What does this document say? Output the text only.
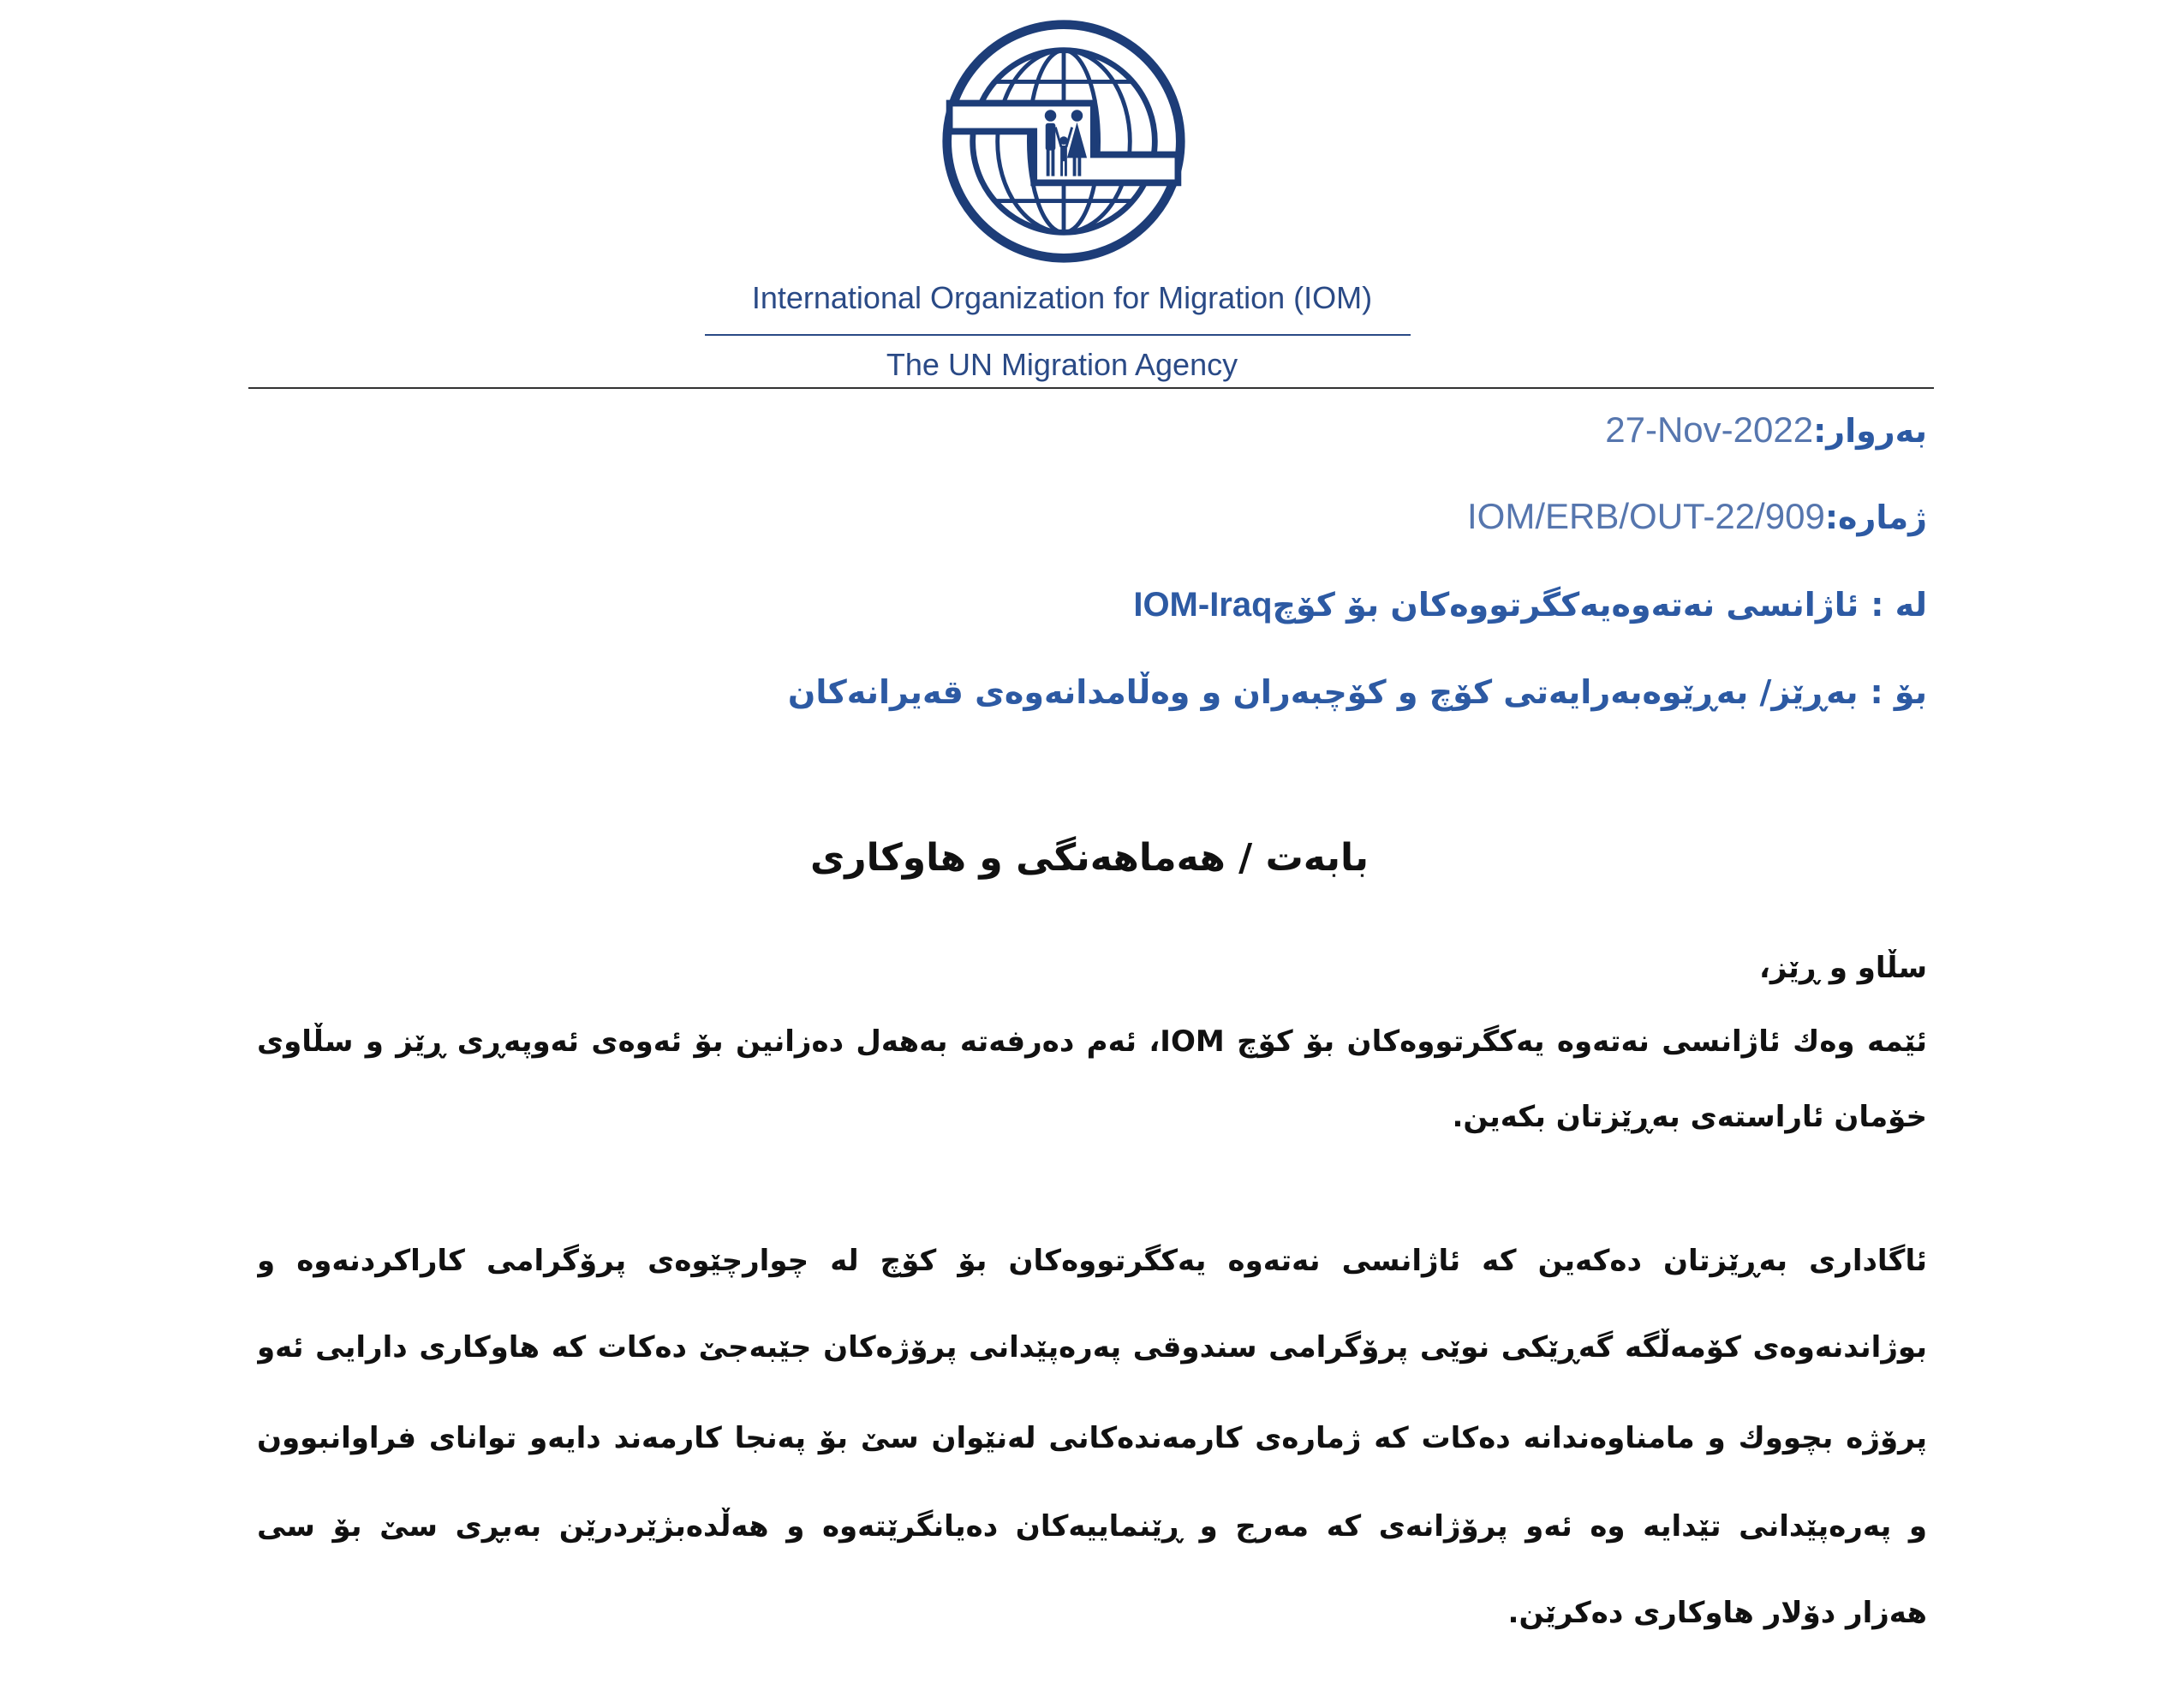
International Organization for Migration (IOM)
The UN Migration Agency
بەروار:27-Nov-2022
ژمارە:IOM/ERB/OUT-22/909
لە :ئاژانسی نەتەوەیەکگرتووەکان بۆ کۆچIOM-Iraq
بۆ :بەڕێز/ بەڕێوەبەرایەتی کۆچ و کۆچبەران و وەڵامدانەوەی قەیرانەکان
بابەت / هەماهەنگی و هاوکاری
سڵاو و ڕێز،
ئێمە وەك ئاژانسی نەتەوە یەکگرتووەکان بۆ کۆچ IOM، ئەم دەرفەتە بەهەل دەزانین بۆ ئەوەی ئەوپەڕی ڕێز و سڵاوی
خۆمان ئاراستەی بەڕێزتان بکەین.
ئاگاداری بەڕێزتان دەکەین کە ئاژانسی نەتەوە یەکگرتووەکان بۆ کۆچ لە چوارچێوەی پرۆگرامی کاراکردنەوە و
بوژاندنەوەی کۆمەڵگە گەڕێکی نوێی پرۆگرامی سندوقی پەرەپێدانی پرۆژەکان جێبەجێ دەکات کە هاوکاری دارایی ئەو
پرۆژە بچووك و مامناوەندانە دەکات کە ژمارەی کارمەندەکانی لەنێوان سێ بۆ پەنجا کارمەند دایەو توانای فراوانبوون
و پەرەپێدانی تێدایە وە ئەو پرۆژانەی کە مەرج و ڕێنماییەکان دەیانگرێتەوە و هەڵدەبژێردرێن بەبڕی سێ بۆ سی
هەزار دۆلار هاوکاری دەکرێن.
